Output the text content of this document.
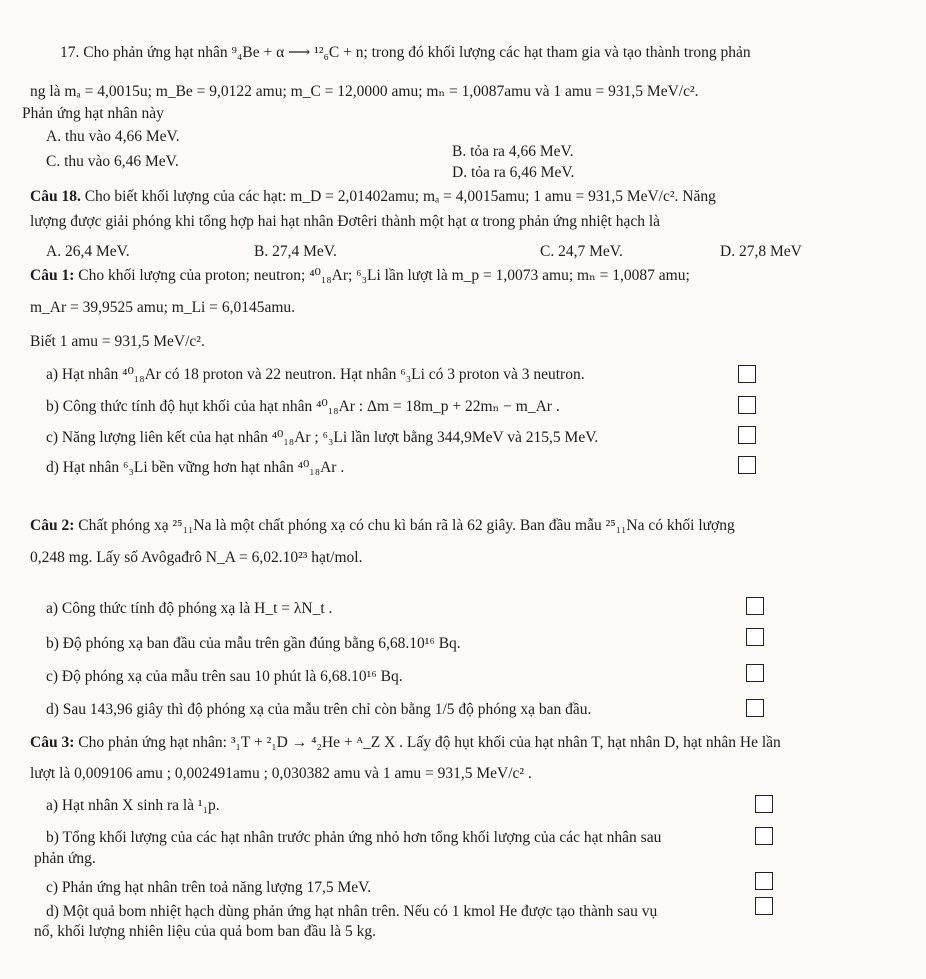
17. Cho phản ứng hạt nhân ⁹₄Be + α ⟶ ¹²₆C + n; trong đó khối lượng các hạt tham gia và tạo thành trong phản
ng là mₐ = 4,0015u; m_Be = 9,0122 amu; m_C = 12,0000 amu; mₙ = 1,0087amu và 1 amu = 931,5 MeV/c².
Phản ứng hạt nhân này
A. thu vào 4,66 MeV.
B. tỏa ra 4,66 MeV.
C. thu vào 6,46 MeV.
D. tỏa ra 6,46 MeV.
Câu 18. Cho biết khối lượng của các hạt: m_D = 2,01402amu; mₐ = 4,0015amu; 1 amu = 931,5 MeV/c². Năng
lượng được giải phóng khi tổng hợp hai hạt nhân Đơtêri thành một hạt α trong phản ứng nhiệt hạch là
A. 26,4 MeV.	B. 27,4 MeV.	C. 24,7 MeV.	D. 27,8 MeV
Câu 1: Cho khối lượng của proton; neutron; ⁴⁰₁₈Ar; ⁶₃Li lần lượt là m_p = 1,0073 amu; mₙ = 1,0087 amu;
m_Ar = 39,9525 amu; m_Li = 6,0145amu.
Biết 1 amu = 931,5 MeV/c².
a) Hạt nhân ⁴⁰₁₈Ar có 18 proton và 22 neutron. Hạt nhân ⁶₃Li có 3 proton và 3 neutron.
b) Công thức tính độ hụt khối của hạt nhân ⁴⁰₁₈Ar : Δm = 18m_p + 22mₙ − m_Ar .
c) Năng lượng liên kết của hạt nhân ⁴⁰₁₈Ar ; ⁶₃Li lần lượt bằng 344,9MeV và 215,5 MeV.
d) Hạt nhân ⁶₃Li bền vững hơn hạt nhân ⁴⁰₁₈Ar .
Câu 2: Chất phóng xạ ²⁵₁₁Na là một chất phóng xạ có chu kì bán rã là 62 giây. Ban đầu mẫu ²⁵₁₁Na có khối lượng
0,248 mg. Lấy số Avôgađrô N_A = 6,02.10²³ hạt/mol.
a) Công thức tính độ phóng xạ là H_t = λN_t .
b) Độ phóng xạ ban đầu của mẫu trên gần đúng bằng 6,68.10¹⁶ Bq.
c) Độ phóng xạ của mẫu trên sau 10 phút là 6,68.10¹⁶ Bq.
d) Sau 143,96 giây thì độ phóng xạ của mẫu trên chỉ còn bằng 1/5 độ phóng xạ ban đầu.
Câu 3: Cho phản ứng hạt nhân: ³₁T + ²₁D → ⁴₂He + ᴬ_Z X . Lấy độ hụt khối của hạt nhân T, hạt nhân D, hạt nhân He lần
lượt là 0,009106 amu ; 0,002491amu ; 0,030382 amu và 1 amu = 931,5 MeV/c² .
a) Hạt nhân X sinh ra là ¹₁p.
b) Tổng khối lượng của các hạt nhân trước phản ứng nhỏ hơn tổng khối lượng của các hạt nhân sau
phản ứng.
c) Phản ứng hạt nhân trên toả năng lượng 17,5 MeV.
d) Một quả bom nhiệt hạch dùng phản ứng hạt nhân trên. Nếu có 1 kmol He được tạo thành sau vụ
nổ, khối lượng nhiên liệu của quả bom ban đầu là 5 kg.
